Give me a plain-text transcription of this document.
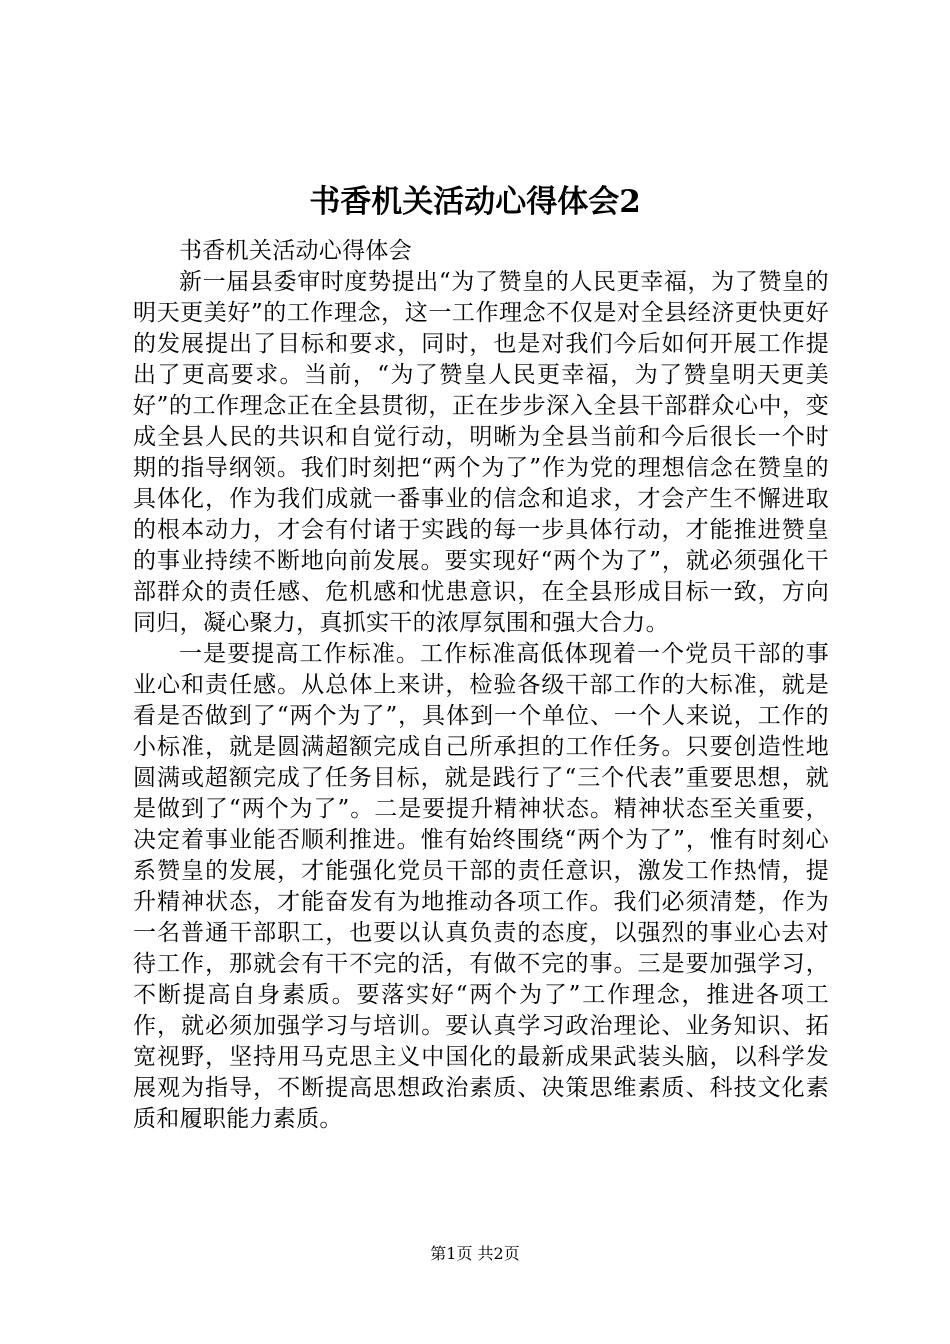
书香机关活动心得体会2

书香机关活动心得体会

新一届县委审时度势提出“为了赞皇的人民更幸福，为了赞皇的明天更美好”的工作理念，这一工作理念不仅是对全县经济更快更好的发展提出了目标和要求，同时，也是对我们今后如何开展工作提出了更高要求。当前，“为了赞皇人民更幸福，为了赞皇明天更美好”的工作理念正在全县贯彻，正在步步深入全县干部群众心中，变成全县人民的共识和自觉行动，明晰为全县当前和今后很长一个时期的指导纲领。我们时刻把“两个为了”作为党的理想信念在赞皇的具体化，作为我们成就一番事业的信念和追求，才会产生不懈进取的根本动力，才会有付诸于实践的每一步具体行动，才能推进赞皇的事业持续不断地向前发展。要实现好“两个为了”，就必须强化干部群众的责任感、危机感和忧患意识，在全县形成目标一致，方向同归，凝心聚力，真抓实干的浓厚氛围和强大合力。

一是要提高工作标准。工作标准高低体现着一个党员干部的事业心和责任感。从总体上来讲，检验各级干部工作的大标准，就是看是否做到了“两个为了”，具体到一个单位、一个人来说，工作的小标准，就是圆满超额完成自己所承担的工作任务。只要创造性地圆满或超额完成了任务目标，就是践行了“三个代表”重要思想，就是做到了“两个为了”。二是要提升精神状态。精神状态至关重要，决定着事业能否顺利推进。惟有始终围绕“两个为了”，惟有时刻心系赞皇的发展，才能强化党员干部的责任意识，激发工作热情，提升精神状态，才能奋发有为地推动各项工作。我们必须清楚，作为一名普通干部职工，也要以认真负责的态度，以强烈的事业心去对待工作，那就会有干不完的活，有做不完的事。三是要加强学习，不断提高自身素质。要落实好“两个为了”工作理念，推进各项工作，就必须加强学习与培训。要认真学习政治理论、业务知识、拓宽视野，坚持用马克思主义中国化的最新成果武装头脑，以科学发展观为指导，不断提高思想政治素质、决策思维素质、科技文化素质和履职能力素质。

第1页 共2页
